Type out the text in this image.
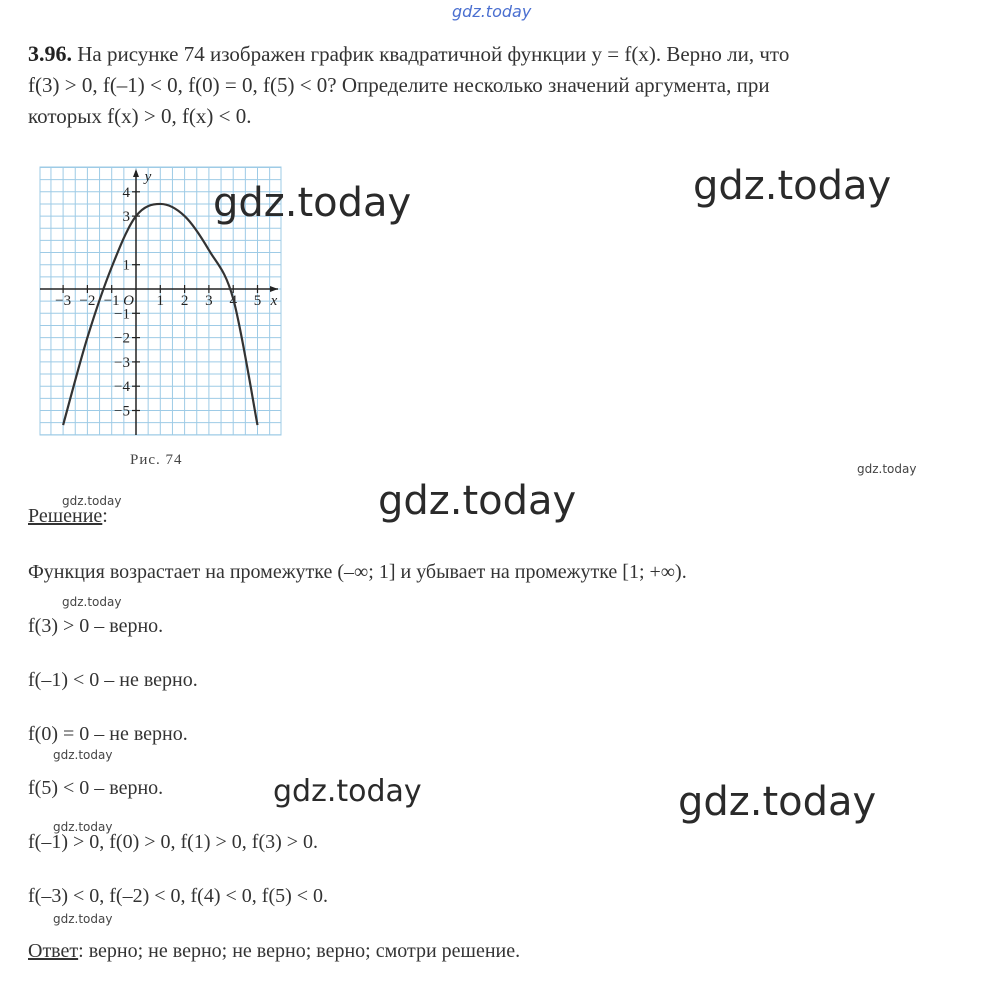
gdz.today
3.96. На рисунке 74 изображен график квадратичной функции y = f(x). Верно ли, что
f(3) > 0, f(–1) < 0, f(0) = 0, f(5) < 0? Определите несколько значений аргумента, при
которых f(x) > 0, f(x) < 0.
−3 −2 −1 1 2 3 4 5
4
3
1
−1
−2
−3
−4
−5
O	x
y
Рис. 74
gdz.today	gdz.today
gdz.today
gdz.today
gdz.today
Решение:
Функция возрастает на промежутке (–∞; 1] и убывает на промежутке [1; +∞).
gdz.today
f(3) > 0 – верно.
f(–1) < 0 – не верно.
f(0) = 0 – не верно.
gdz.today
f(5) < 0 – верно.	gdz.today	gdz.today
gdz.today
f(–1) > 0, f(0) > 0, f(1) > 0, f(3) > 0.
f(–3) < 0, f(–2) < 0, f(4) < 0, f(5) < 0.
gdz.today
Ответ: верно; не верно; не верно; верно; смотри решение.
